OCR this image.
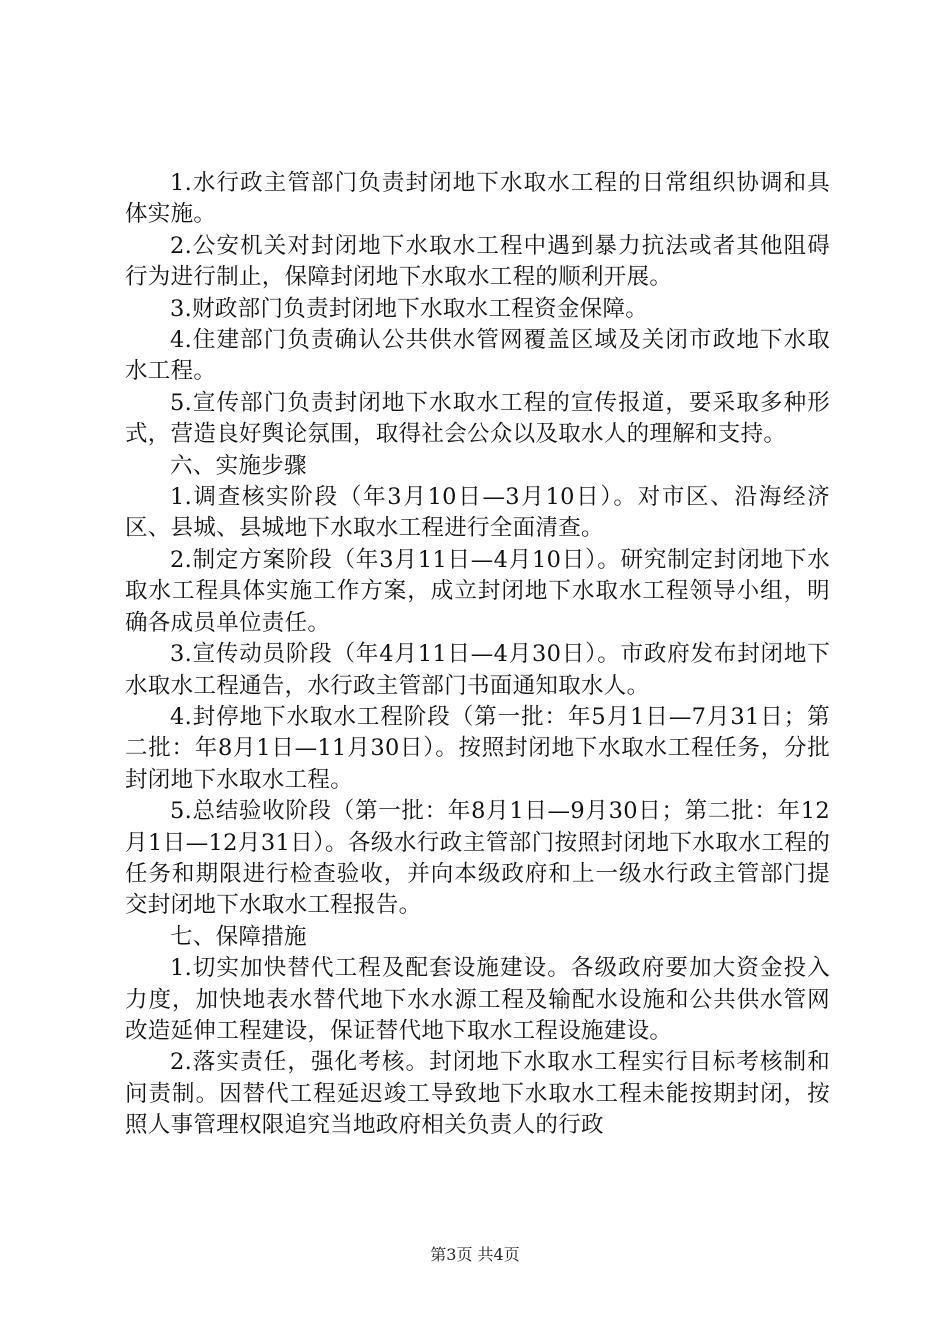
1.水行政主管部门负责封闭地下水取水工程的日常组织协调和具体实施。

2.公安机关对封闭地下水取水工程中遇到暴力抗法或者其他阻碍行为进行制止，保障封闭地下水取水工程的顺利开展。

3.财政部门负责封闭地下水取水工程资金保障。

4.住建部门负责确认公共供水管网覆盖区域及关闭市政地下水取水工程。

5.宣传部门负责封闭地下水取水工程的宣传报道，要采取多种形式，营造良好舆论氛围，取得社会公众以及取水人的理解和支持。

六、实施步骤

1.调查核实阶段（年3月10日—3月10日）。对市区、沿海经济区、县城、县城地下水取水工程进行全面清查。

2.制定方案阶段（年3月11日—4月10日）。研究制定封闭地下水取水工程具体实施工作方案，成立封闭地下水取水工程领导小组，明确各成员单位责任。

3.宣传动员阶段（年4月11日—4月30日）。市政府发布封闭地下水取水工程通告，水行政主管部门书面通知取水人。

4.封停地下水取水工程阶段（第一批：年5月1日—7月31日；第二批：年8月1日—11月30日）。按照封闭地下水取水工程任务，分批封闭地下水取水工程。

5.总结验收阶段（第一批：年8月1日—9月30日；第二批：年12月1日—12月31日）。各级水行政主管部门按照封闭地下水取水工程的任务和期限进行检查验收，并向本级政府和上一级水行政主管部门提交封闭地下水取水工程报告。

七、保障措施

1.切实加快替代工程及配套设施建设。各级政府要加大资金投入力度，加快地表水替代地下水水源工程及输配水设施和公共供水管网改造延伸工程建设，保证替代地下取水工程设施建设。

2.落实责任，强化考核。封闭地下水取水工程实行目标考核制和问责制。因替代工程延迟竣工导致地下水取水工程未能按期封闭，按照人事管理权限追究当地政府相关负责人的行政

第3页 共4页
